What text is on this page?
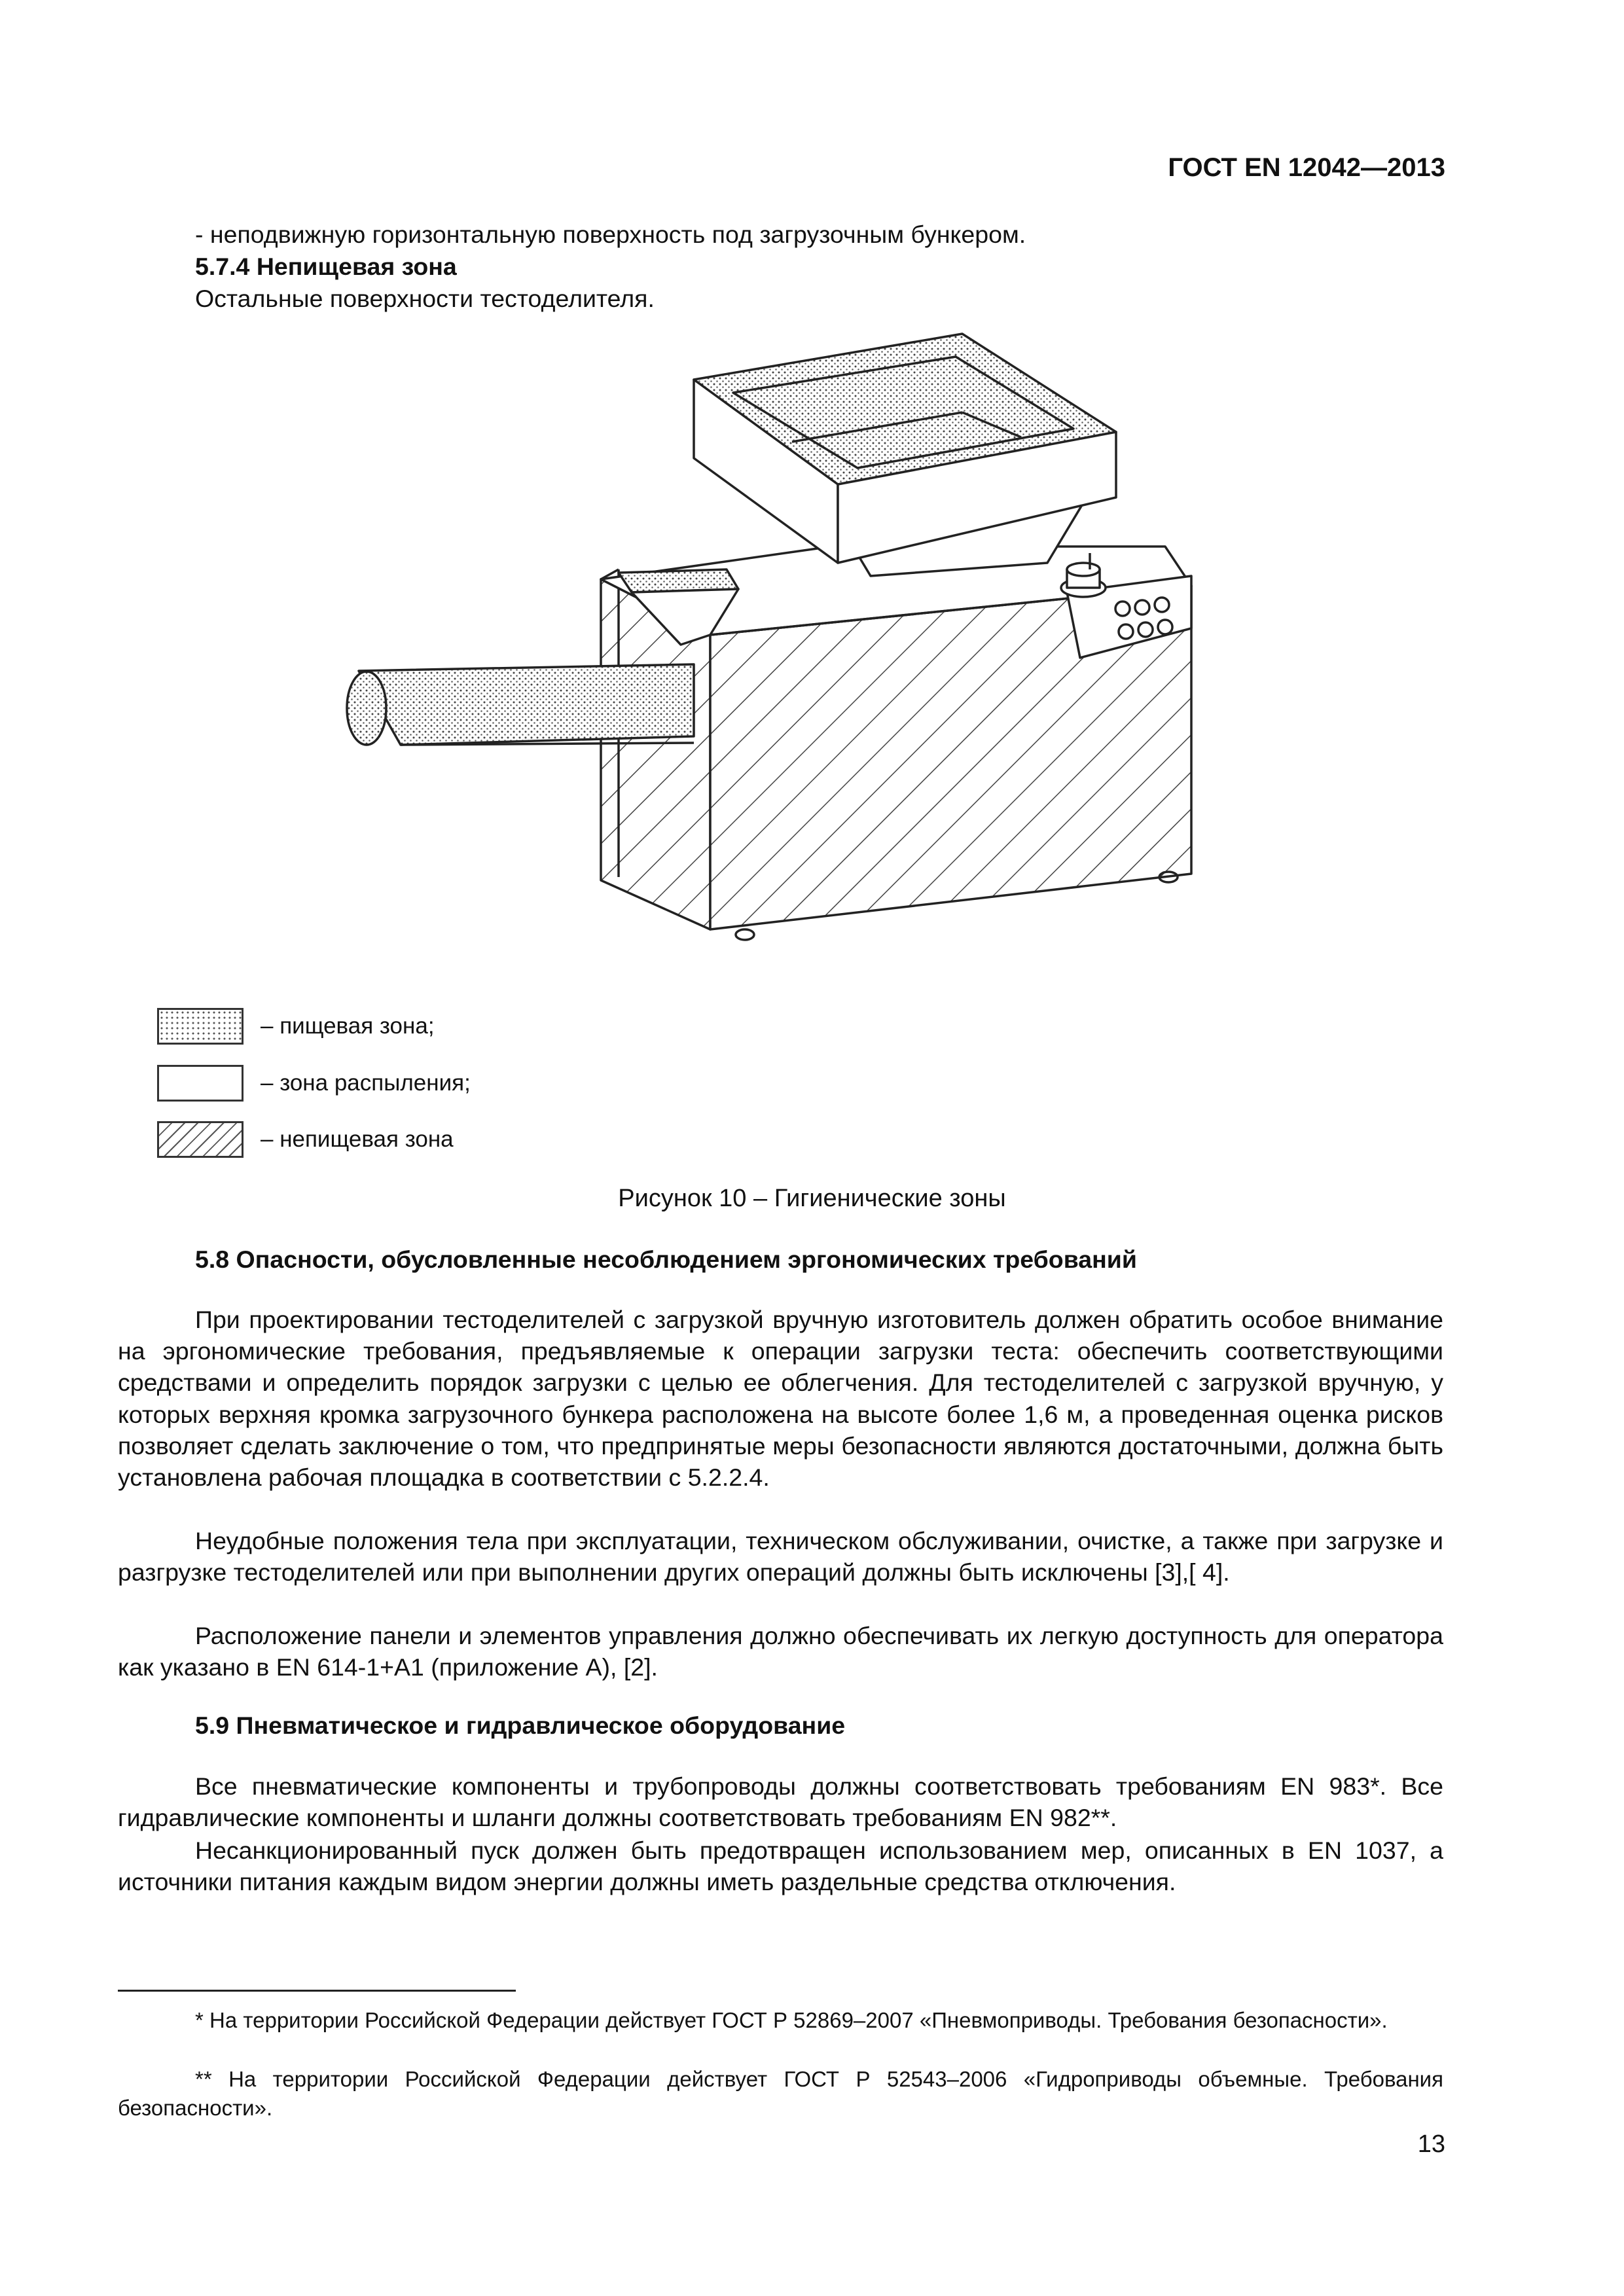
ГОСТ EN 12042—2013
- неподвижную горизонтальную поверхность под загрузочным бункером.
5.7.4 Непищевая зона
Остальные поверхности тестоделителя.
– пищевая зона;
– зона распыления;
– непищевая зона
Рисунок 10 – Гигиенические зоны
5.8 Опасности, обусловленные несоблюдением эргономических требований
При проектировании тестоделителей с загрузкой вручную изготовитель должен обратить особое внимание на эргономические требования, предъявляемые к операции загрузки теста: обеспечить соответствующими средствами и определить порядок загрузки с целью ее облегчения. Для тестоделителей с загрузкой вручную, у которых верхняя кромка загрузочного бункера расположена на высоте более 1,6 м, а проведенная оценка рисков позволяет сделать заключение о том, что предпринятые меры безопасности являются достаточными, должна быть установлена рабочая площадка в соответствии с 5.2.2.4.
Неудобные положения тела при эксплуатации, техническом обслуживании, очистке, а также при загрузке и разгрузке тестоделителей или при выполнении других операций должны быть исключены [3],[ 4].
Расположение панели и элементов управления должно обеспечивать их легкую доступность для оператора как указано в EN 614-1+A1 (приложение А), [2].
5.9 Пневматическое и гидравлическое оборудование
Все пневматические компоненты и трубопроводы должны соответствовать требованиям EN 983*. Все гидравлические компоненты и шланги должны соответствовать требованиям EN 982**.
Несанкционированный пуск должен быть предотвращен использованием мер, описанных в EN 1037, а источники питания каждым видом энергии должны иметь раздельные средства отключения.
* На территории Российской Федерации действует ГОСТ Р 52869–2007 «Пневмоприводы. Требования безопасности».
** На территории Российской Федерации действует ГОСТ Р 52543–2006 «Гидроприводы объемные. Требования безопасности».
13
